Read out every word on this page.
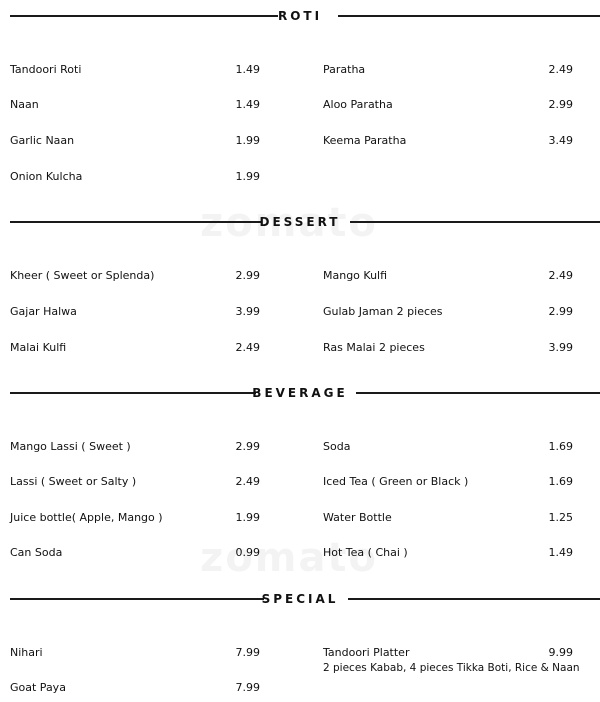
ROTI
Tandoori Roti	1.49
Naan	1.49
Garlic Naan	1.99
Onion Kulcha	1.99
Paratha	2.49
Aloo Paratha	2.99
Keema Paratha	3.49
DESSERT
Kheer ( Sweet or Splenda)	2.99
Gajar Halwa	3.99
Malai Kulfi	2.49
Mango Kulfi	2.49
Gulab Jaman 2 pieces	2.99
Ras Malai 2 pieces	3.99
BEVERAGE
Mango Lassi ( Sweet )	2.99
Lassi ( Sweet or Salty )	2.49
Juice bottle( Apple, Mango )	1.99
Can Soda	0.99
Soda	1.69
Iced Tea ( Green or Black )	1.69
Water Bottle	1.25
Hot Tea ( Chai )	1.49
SPECIAL
Nihari	7.99
Goat Paya	7.99
Tandoori Platter	9.99
2 pieces Kabab, 4 pieces Tikka Boti, Rice & Naan
